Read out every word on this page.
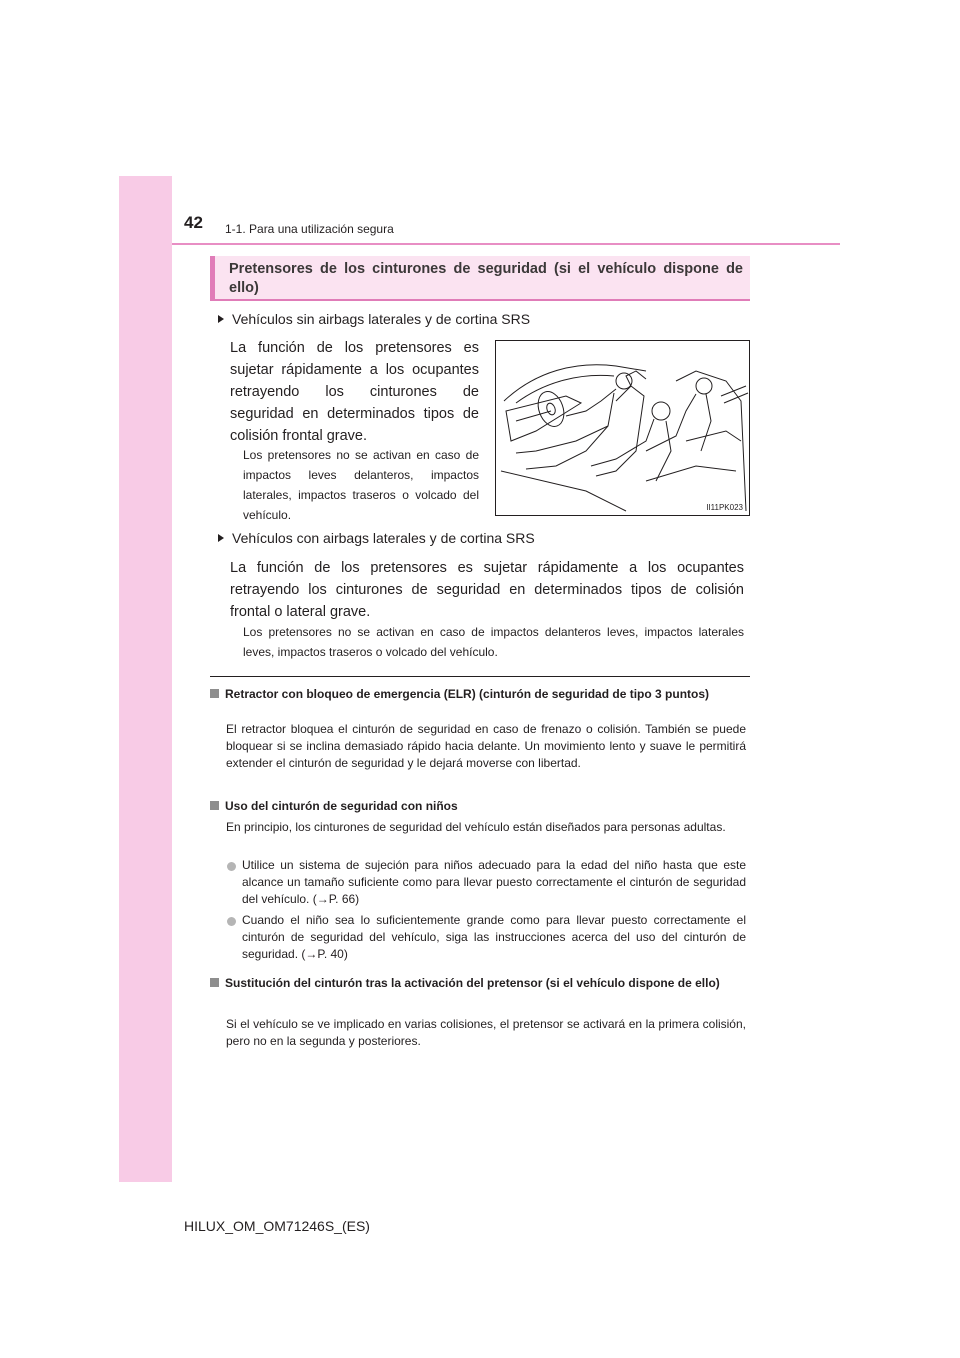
42 1-1. Para una utilización segura
Pretensores de los cinturones de seguridad (si el vehículo dispone de ello)
Vehículos sin airbags laterales y de cortina SRS
La función de los pretensores es sujetar rápidamente a los ocupantes retrayendo los cinturones de seguridad en determinados tipos de colisión frontal grave.
Los pretensores no se activan en caso de impactos leves delanteros, impactos laterales, impactos traseros o volcado del vehículo.
II11PK023
Vehículos con airbags laterales y de cortina SRS
La función de los pretensores es sujetar rápidamente a los ocupantes retrayendo los cinturones de seguridad en determinados tipos de colisión frontal o lateral grave.
Los pretensores no se activan en caso de impactos delanteros leves, impactos laterales leves, impactos traseros o volcado del vehículo.
Retractor con bloqueo de emergencia (ELR) (cinturón de seguridad de tipo 3 puntos)
El retractor bloquea el cinturón de seguridad en caso de frenazo o colisión. También se puede bloquear si se inclina demasiado rápido hacia delante. Un movimiento lento y suave le permitirá extender el cinturón de seguridad y le dejará moverse con libertad.
Uso del cinturón de seguridad con niños
En principio, los cinturones de seguridad del vehículo están diseñados para personas adultas.
Utilice un sistema de sujeción para niños adecuado para la edad del niño hasta que este alcance un tamaño suficiente como para llevar puesto correctamente el cinturón de seguridad del vehículo. (→P. 66)
Cuando el niño sea lo suficientemente grande como para llevar puesto correctamente el cinturón de seguridad del vehículo, siga las instrucciones acerca del uso del cinturón de seguridad. (→P. 40)
Sustitución del cinturón tras la activación del pretensor (si el vehículo dispone de ello)
Si el vehículo se ve implicado en varias colisiones, el pretensor se activará en la primera colisión, pero no en la segunda y posteriores.
HILUX_OM_OM71246S_(ES)
